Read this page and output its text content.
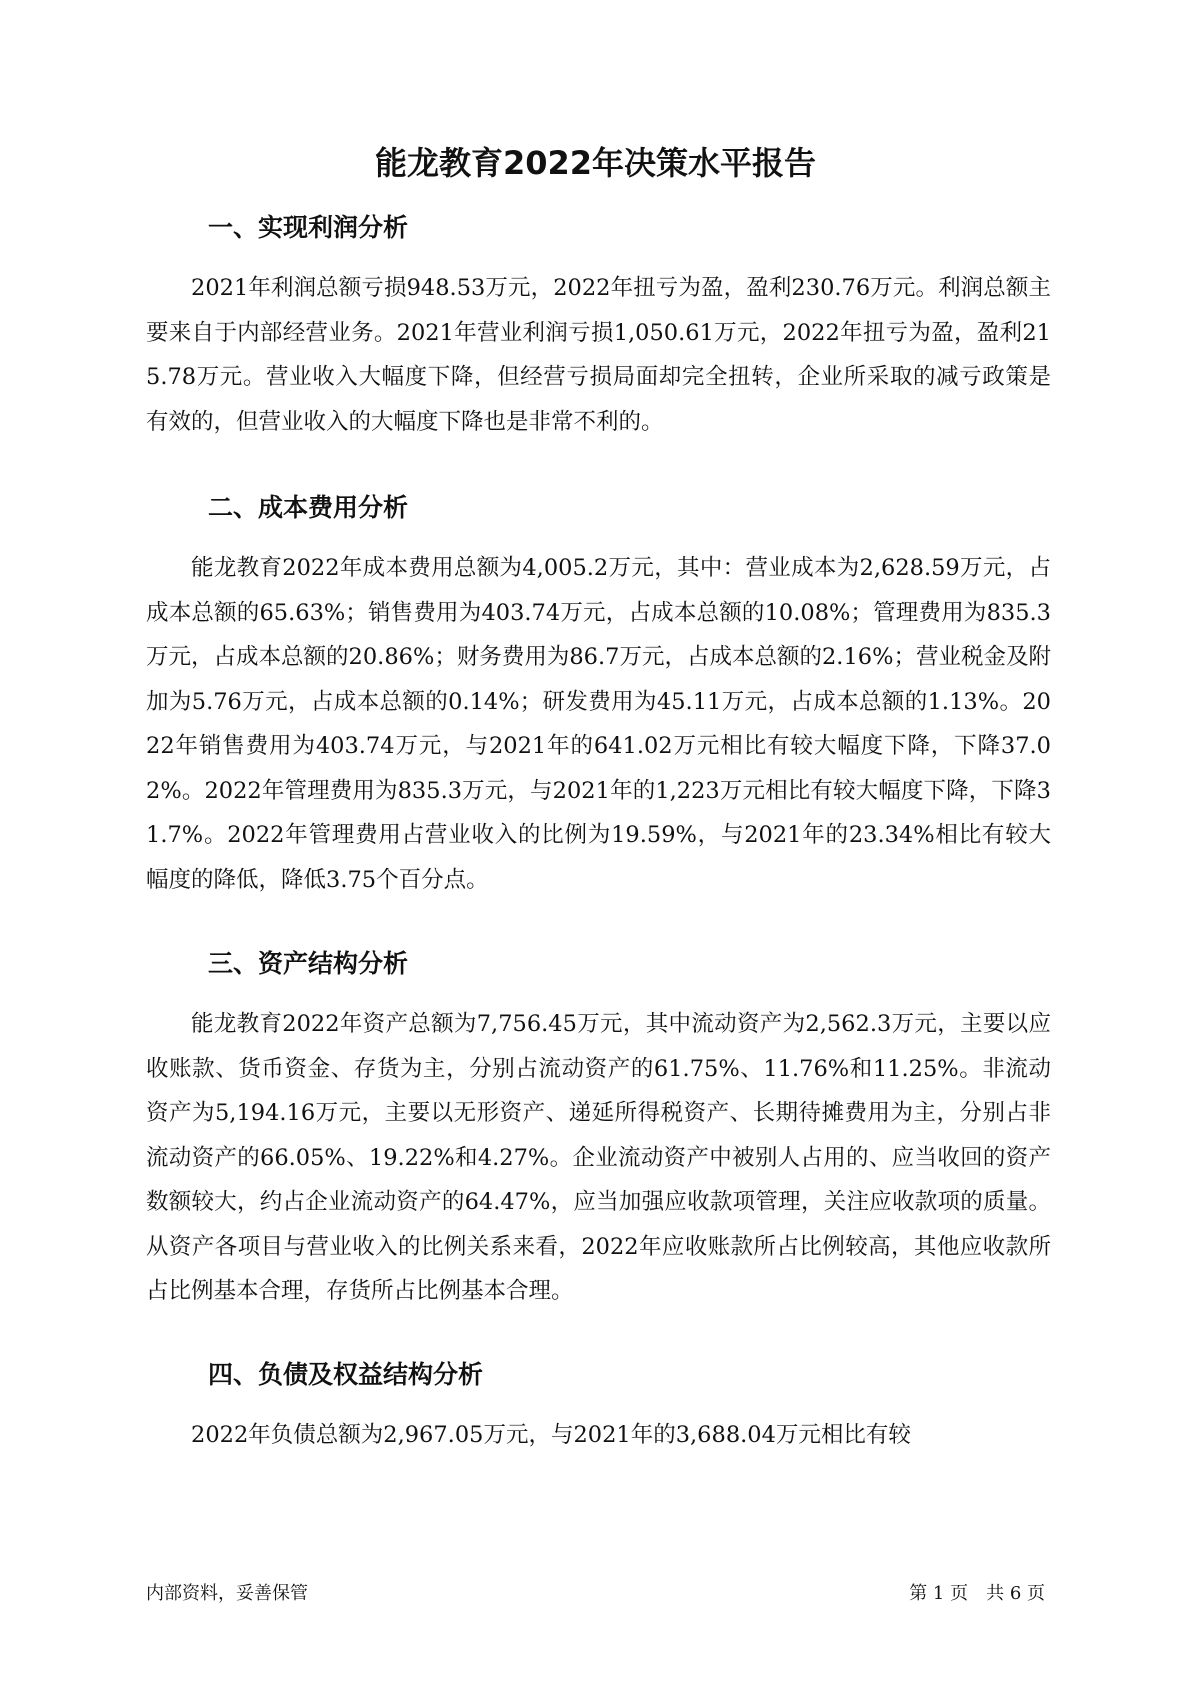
能龙教育2022年决策水平报告
一、实现利润分析

2021年利润总额亏损948.53万元，2022年扭亏为盈，盈利230.76万元。利润总额主要来自于内部经营业务。2021年营业利润亏损1,050.61万元，2022年扭亏为盈，盈利215.78万元。营业收入大幅度下降，但经营亏损局面却完全扭转，企业所采取的减亏政策是有效的，但营业收入的大幅度下降也是非常不利的。

二、成本费用分析

能龙教育2022年成本费用总额为4,005.2万元，其中：营业成本为2,628.59万元，占成本总额的65.63%；销售费用为403.74万元，占成本总额的10.08%；管理费用为835.3万元，占成本总额的20.86%；财务费用为86.7万元，占成本总额的2.16%；营业税金及附加为5.76万元，占成本总额的0.14%；研发费用为45.11万元，占成本总额的1.13%。2022年销售费用为403.74万元，与2021年的641.02万元相比有较大幅度下降，下降37.02%。2022年管理费用为835.3万元，与2021年的1,223万元相比有较大幅度下降，下降31.7%。2022年管理费用占营业收入的比例为19.59%，与2021年的23.34%相比有较大幅度的降低，降低3.75个百分点。

三、资产结构分析

能龙教育2022年资产总额为7,756.45万元，其中流动资产为2,562.3万元，主要以应收账款、货币资金、存货为主，分别占流动资产的61.75%、11.76%和11.25%。非流动资产为5,194.16万元，主要以无形资产、递延所得税资产、长期待摊费用为主，分别占非流动资产的66.05%、19.22%和4.27%。企业流动资产中被别人占用的、应当收回的资产数额较大，约占企业流动资产的64.47%，应当加强应收款项管理，关注应收款项的质量。从资产各项目与营业收入的比例关系来看，2022年应收账款所占比例较高，其他应收款所占比例基本合理，存货所占比例基本合理。

四、负债及权益结构分析

2022年负债总额为2,967.05万元，与2021年的3,688.04万元相比有较

内部资料，妥善保管	第 1 页　共 6 页
